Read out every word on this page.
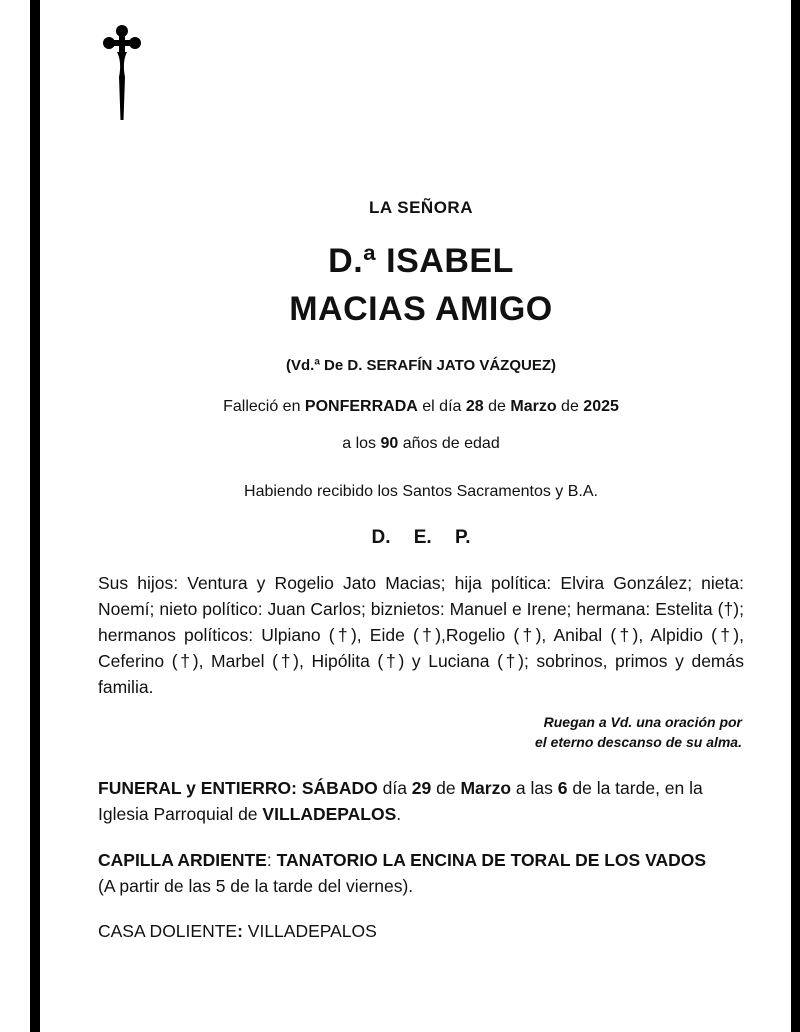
LA SEÑORA
D.ª ISABEL
MACIAS AMIGO
(Vd.ª De D. SERAFÍN JATO VÁZQUEZ)
Falleció en PONFERRADA el día 28 de Marzo de 2025
a los 90 años de edad
Habiendo recibido los Santos Sacramentos y B.A.
D. E. P.
Sus hijos: Ventura y Rogelio Jato Macias; hija política: Elvira González; nieta: Noemí; nieto político: Juan Carlos; biznietos: Manuel e Irene; hermana: Estelita (†); hermanos políticos: Ulpiano (†), Eide (†),Rogelio (†), Anibal (†), Alpidio (†), Ceferino (†), Marbel (†), Hipólita (†) y Luciana (†); sobrinos, primos y demás familia.
Ruegan a Vd. una oración por
el eterno descanso de su alma.
FUNERAL y ENTIERRO: SÁBADO día 29 de Marzo a las 6 de la tarde, en la Iglesia Parroquial de VILLADEPALOS.
CAPILLA ARDIENTE: TANATORIO LA ENCINA DE TORAL DE LOS VADOS
(A partir de las 5 de la tarde del viernes).
CASA DOLIENTE: VILLADEPALOS
